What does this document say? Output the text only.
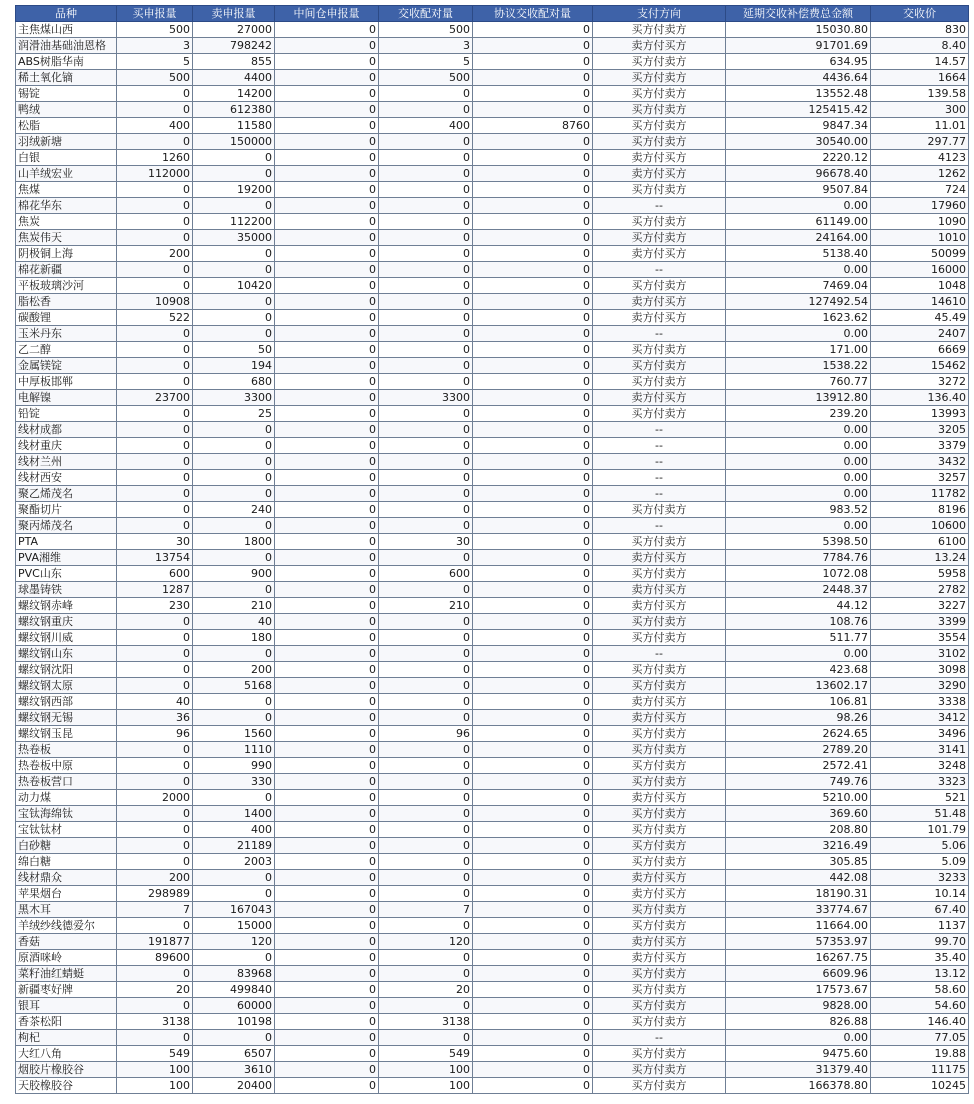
品种	买申报量	卖申报量	中间仓申报量	交收配对量	协议交收配对量	支付方向	延期交收补偿费总金额	交收价
主焦煤山西	500	27000	0	500	0	买方付卖方	15030.80	830
润滑油基础油恩格	3	798242	0	3	0	卖方付买方	91701.69	8.40
ABS树脂华南	5	855	0	5	0	买方付卖方	634.95	14.57
稀土氧化镝	500	4400	0	500	0	买方付卖方	4436.64	1664
锡锭	0	14200	0	0	0	买方付卖方	13552.48	139.58
鸭绒	0	612380	0	0	0	买方付卖方	125415.42	300
松脂	400	11580	0	400	8760	买方付卖方	9847.34	11.01
羽绒新塘	0	150000	0	0	0	买方付卖方	30540.00	297.77
白银	1260	0	0	0	0	卖方付买方	2220.12	4123
山羊绒宏业	112000	0	0	0	0	卖方付买方	96678.40	1262
焦煤	0	19200	0	0	0	买方付卖方	9507.84	724
棉花华东	0	0	0	0	0	--	0.00	17960
焦炭	0	112200	0	0	0	买方付卖方	61149.00	1090
焦炭伟天	0	35000	0	0	0	买方付卖方	24164.00	1010
阴极铜上海	200	0	0	0	0	卖方付买方	5138.40	50099
棉花新疆	0	0	0	0	0	--	0.00	16000
平板玻璃沙河	0	10420	0	0	0	买方付卖方	7469.04	1048
脂松香	10908	0	0	0	0	卖方付买方	127492.54	14610
碳酸锂	522	0	0	0	0	卖方付买方	1623.62	45.49
玉米丹东	0	0	0	0	0	--	0.00	2407
乙二醇	0	50	0	0	0	买方付卖方	171.00	6669
金属镁锭	0	194	0	0	0	买方付卖方	1538.22	15462
中厚板邯郸	0	680	0	0	0	买方付卖方	760.77	3272
电解镍	23700	3300	0	3300	0	卖方付买方	13912.80	136.40
铅锭	0	25	0	0	0	买方付卖方	239.20	13993
线材成都	0	0	0	0	0	--	0.00	3205
线材重庆	0	0	0	0	0	--	0.00	3379
线材兰州	0	0	0	0	0	--	0.00	3432
线材西安	0	0	0	0	0	--	0.00	3257
聚乙烯茂名	0	0	0	0	0	--	0.00	11782
聚酯切片	0	240	0	0	0	买方付卖方	983.52	8196
聚丙烯茂名	0	0	0	0	0	--	0.00	10600
PTA	30	1800	0	30	0	买方付卖方	5398.50	6100
PVA湘维	13754	0	0	0	0	卖方付买方	7784.76	13.24
PVC山东	600	900	0	600	0	买方付卖方	1072.08	5958
球墨铸铁	1287	0	0	0	0	卖方付买方	2448.37	2782
螺纹钢赤峰	230	210	0	210	0	卖方付买方	44.12	3227
螺纹钢重庆	0	40	0	0	0	买方付卖方	108.76	3399
螺纹钢川威	0	180	0	0	0	买方付卖方	511.77	3554
螺纹钢山东	0	0	0	0	0	--	0.00	3102
螺纹钢沈阳	0	200	0	0	0	买方付卖方	423.68	3098
螺纹钢太原	0	5168	0	0	0	买方付卖方	13602.17	3290
螺纹钢西部	40	0	0	0	0	卖方付买方	106.81	3338
螺纹钢无锡	36	0	0	0	0	卖方付买方	98.26	3412
螺纹钢玉昆	96	1560	0	96	0	买方付卖方	2624.65	3496
热卷板	0	1110	0	0	0	买方付卖方	2789.20	3141
热卷板中原	0	990	0	0	0	买方付卖方	2572.41	3248
热卷板营口	0	330	0	0	0	买方付卖方	749.76	3323
动力煤	2000	0	0	0	0	卖方付买方	5210.00	521
宝钛海绵钛	0	1400	0	0	0	买方付卖方	369.60	51.48
宝钛钛材	0	400	0	0	0	买方付卖方	208.80	101.79
白砂糖	0	21189	0	0	0	买方付卖方	3216.49	5.06
绵白糖	0	2003	0	0	0	买方付卖方	305.85	5.09
线材鼎众	200	0	0	0	0	卖方付买方	442.08	3233
苹果烟台	298989	0	0	0	0	卖方付买方	18190.31	10.14
黑木耳	7	167043	0	7	0	买方付卖方	33774.67	67.40
羊绒纱线德爱尔	0	15000	0	0	0	买方付卖方	11664.00	1137
香菇	191877	120	0	120	0	卖方付买方	57353.97	99.70
原酒咪岭	89600	0	0	0	0	卖方付买方	16267.75	35.40
菜籽油红蜻蜓	0	83968	0	0	0	买方付卖方	6609.96	13.12
新疆枣好牌	20	499840	0	20	0	买方付卖方	17573.67	58.60
银耳	0	60000	0	0	0	买方付卖方	9828.00	54.60
香茶松阳	3138	10198	0	3138	0	买方付卖方	826.88	146.40
枸杞	0	0	0	0	0	--	0.00	77.05
大红八角	549	6507	0	549	0	买方付卖方	9475.60	19.88
烟胶片橡胶谷	100	3610	0	100	0	买方付卖方	31379.40	11175
天胶橡胶谷	100	20400	0	100	0	买方付卖方	166378.80	10245
